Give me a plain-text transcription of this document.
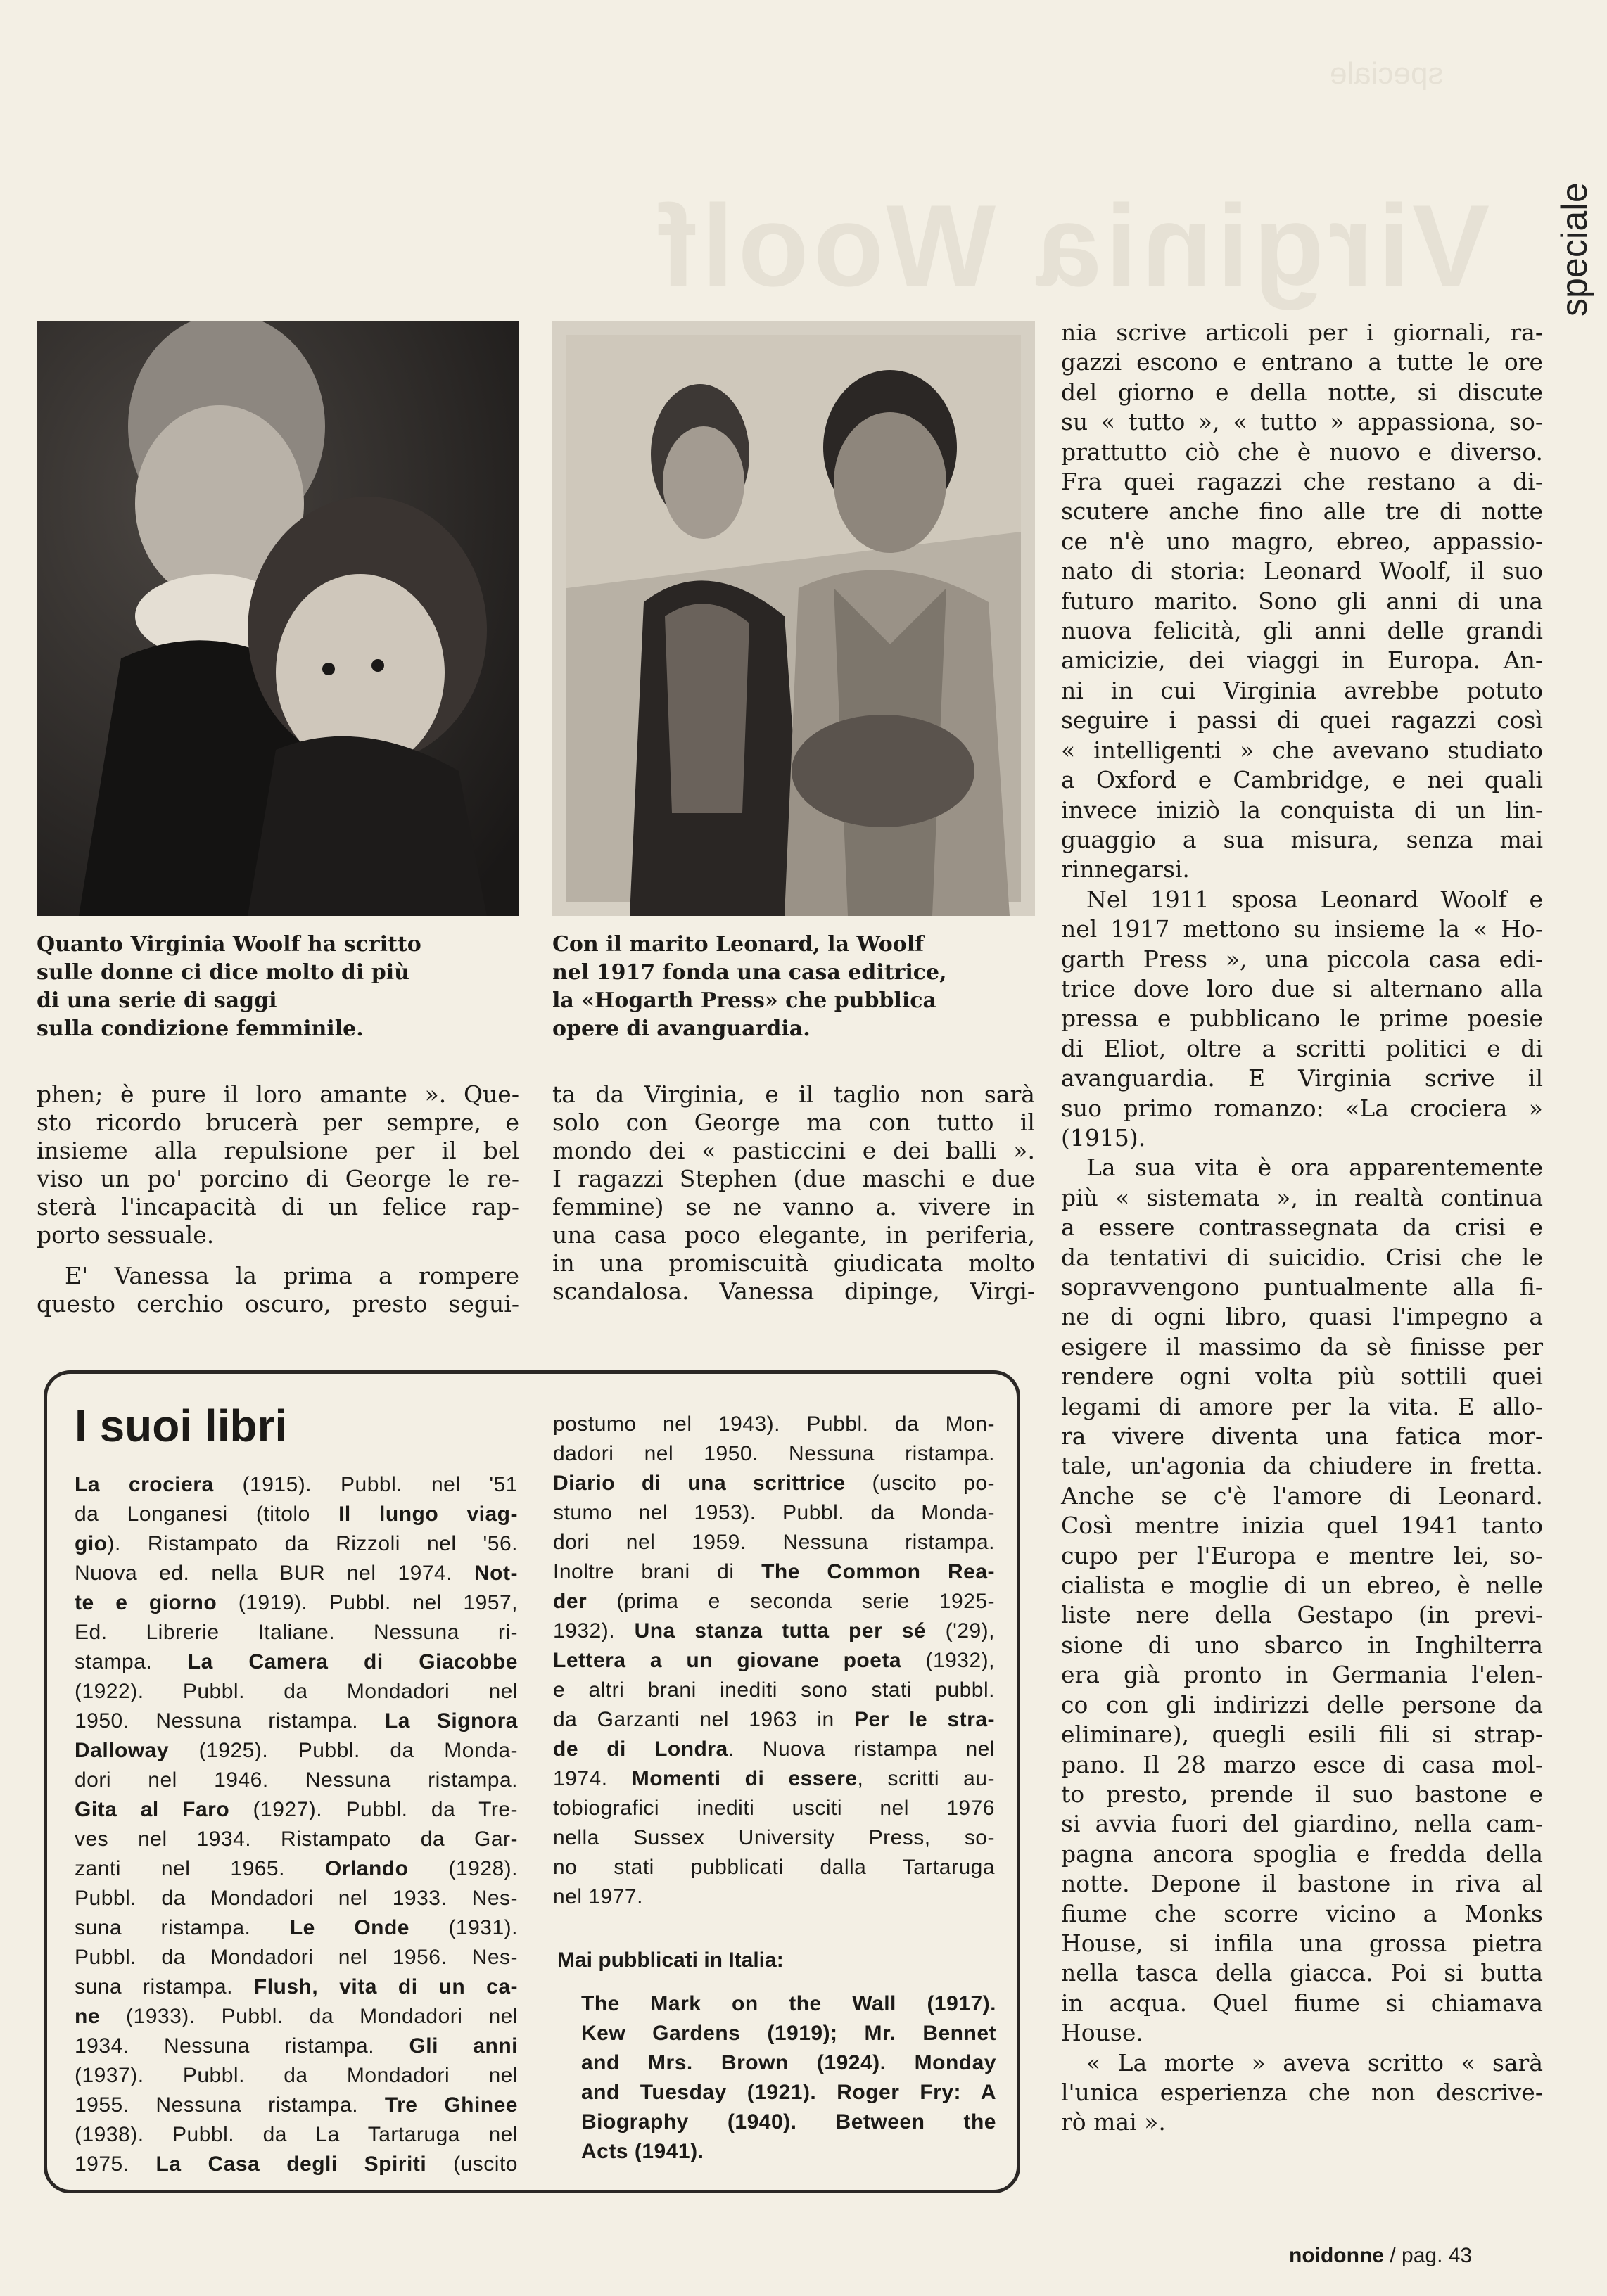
Virginia Woolf
speciale
speciale
Quanto Virginia Woolf ha scritto
sulle donne ci dice molto di più
di una serie di saggi
sulla condizione femminile.
Con il marito Leonard, la Woolf
nel 1917 fonda una casa editrice,
la «Hogarth Press» che pubblica
opere di avanguardia.
phen; è pure il loro amante ». Que-
sto ricordo brucerà per sempre, e
insieme alla repulsione per il bel
viso un po' porcino di George le re-
sterà l'incapacità di un felice rap-
porto sessuale.
E' Vanessa la prima a rompere
questo cerchio oscuro, presto segui-
ta da Virginia, e il taglio non sarà
solo con George ma con tutto il
mondo dei « pasticcini e dei balli ».
I ragazzi Stephen (due maschi e due
femmine) se ne vanno a. vivere in
una casa poco elegante, in periferia,
in una promiscuità giudicata molto
scandalosa. Vanessa dipinge, Virgi-
nia scrive articoli per i giornali, ra-
gazzi escono e entrano a tutte le ore
del giorno e della notte, si discute
su « tutto », « tutto » appassiona, so-
prattutto ciò che è nuovo e diverso.
Fra quei ragazzi che restano a di-
scutere anche fino alle tre di notte
ce n'è uno magro, ebreo, appassio-
nato di storia: Leonard Woolf, il suo
futuro marito. Sono gli anni di una
nuova felicità, gli anni delle grandi
amicizie, dei viaggi in Europa. An-
ni in cui Virginia avrebbe potuto
seguire i passi di quei ragazzi così
« intelligenti » che avevano studiato
a Oxford e Cambridge, e nei quali
invece iniziò la conquista di un lin-
guaggio a sua misura, senza mai
rinnegarsi.
Nel 1911 sposa Leonard Woolf e
nel 1917 mettono su insieme la « Ho-
garth Press », una piccola casa edi-
trice dove loro due si alternano alla
pressa e pubblicano le prime poesie
di Eliot, oltre a scritti politici e di
avanguardia. E Virginia scrive il
suo primo romanzo: «La crociera »
(1915).
La sua vita è ora apparentemente
più « sistemata », in realtà continua
a essere contrassegnata da crisi e
da tentativi di suicidio. Crisi che le
sopravvengono puntualmente alla fi-
ne di ogni libro, quasi l'impegno a
esigere il massimo da sè finisse per
rendere ogni volta più sottili quei
legami di amore per la vita. E allo-
ra vivere diventa una fatica mor-
tale, un'agonia da chiudere in fretta.
Anche se c'è l'amore di Leonard.
Così mentre inizia quel 1941 tanto
cupo per l'Europa e mentre lei, so-
cialista e moglie di un ebreo, è nelle
liste nere della Gestapo (in previ-
sione di uno sbarco in Inghilterra
era già pronto in Germania l'elen-
co con gli indirizzi delle persone da
eliminare), quegli esili fili si strap-
pano. Il 28 marzo esce di casa mol-
to presto, prende il suo bastone e
si avvia fuori del giardino, nella cam-
pagna ancora spoglia e fredda della
notte. Depone il bastone in riva al
fiume che scorre vicino a Monks
House, si infila una grossa pietra
nella tasca della giacca. Poi si butta
in acqua. Quel fiume si chiamava
House.
« La morte » aveva scritto « sarà
l'unica esperienza che non descrive-
rò mai ».
I suoi libri
La crociera (1915). Pubbl. nel '51
da Longanesi (titolo Il lungo viag-
gio). Ristampato da Rizzoli nel '56.
Nuova ed. nella BUR nel 1974. Not-
te e giorno (1919). Pubbl. nel 1957,
Ed. Librerie Italiane. Nessuna ri-
stampa. La Camera di Giacobbe
(1922). Pubbl. da Mondadori nel
1950. Nessuna ristampa. La Signora
Dalloway (1925). Pubbl. da Monda-
dori nel 1946. Nessuna ristampa.
Gita al Faro (1927). Pubbl. da Tre-
ves nel 1934. Ristampato da Gar-
zanti nel 1965. Orlando (1928).
Pubbl. da Mondadori nel 1933. Nes-
suna ristampa. Le Onde (1931).
Pubbl. da Mondadori nel 1956. Nes-
suna ristampa. Flush, vita di un ca-
ne (1933). Pubbl. da Mondadori nel
1934. Nessuna ristampa. Gli anni
(1937). Pubbl. da Mondadori nel
1955. Nessuna ristampa. Tre Ghinee
(1938). Pubbl. da La Tartaruga nel
1975. La Casa degli Spiriti (uscito
postumo nel 1943). Pubbl. da Mon-
dadori nel 1950. Nessuna ristampa.
Diario di una scrittrice (uscito po-
stumo nel 1953). Pubbl. da Monda-
dori nel 1959. Nessuna ristampa.
Inoltre brani di The Common Rea-
der (prima e seconda serie 1925-
1932). Una stanza tutta per sé ('29),
Lettera a un giovane poeta (1932),
e altri brani inediti sono stati pubbl.
da Garzanti nel 1963 in Per le stra-
de di Londra. Nuova ristampa nel
1974. Momenti di essere, scritti au-
tobiografici inediti usciti nel 1976
nella Sussex University Press, so-
no stati pubblicati dalla Tartaruga
nel 1977.
Mai pubblicati in Italia:
The Mark on the Wall (1917).
Kew Gardens (1919); Mr. Bennet
and Mrs. Brown (1924). Monday
and Tuesday (1921). Roger Fry: A
Biography (1940). Between the
Acts (1941).
noidonne / pag. 43
